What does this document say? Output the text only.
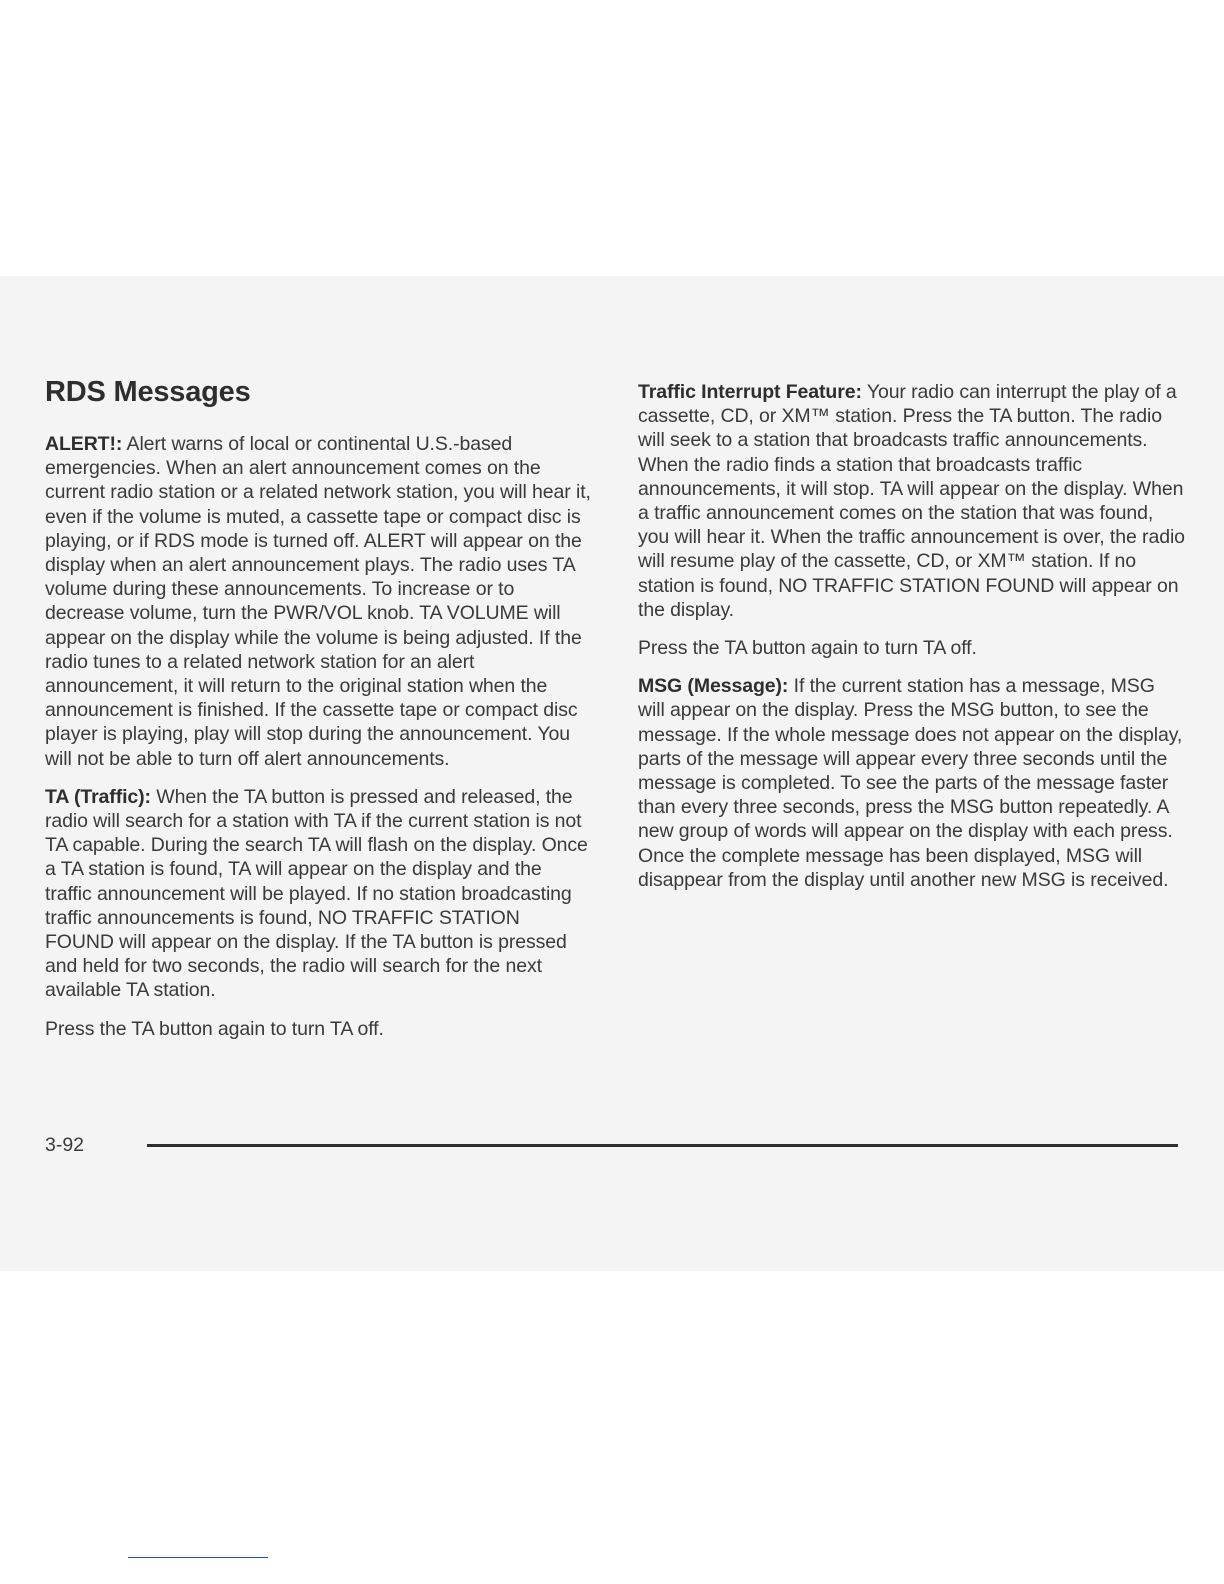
RDS Messages

ALERT!: Alert warns of local or continental U.S.-based emergencies. When an alert announcement comes on the current radio station or a related network station, you will hear it, even if the volume is muted, a cassette tape or compact disc is playing, or if RDS mode is turned off. ALERT will appear on the display when an alert announcement plays. The radio uses TA volume during these announcements. To increase or to decrease volume, turn the PWR/VOL knob. TA VOLUME will appear on the display while the volume is being adjusted. If the radio tunes to a related network station for an alert announcement, it will return to the original station when the announcement is finished. If the cassette tape or compact disc player is playing, play will stop during the announcement. You will not be able to turn off alert announcements.

TA (Traffic): When the TA button is pressed and released, the radio will search for a station with TA if the current station is not TA capable. During the search TA will flash on the display. Once a TA station is found, TA will appear on the display and the traffic announcement will be played. If no station broadcasting traffic announcements is found, NO TRAFFIC STATION FOUND will appear on the display. If the TA button is pressed and held for two seconds, the radio will search for the next available TA station.

Press the TA button again to turn TA off.

Traffic Interrupt Feature: Your radio can interrupt the play of a cassette, CD, or XM™ station. Press the TA button. The radio will seek to a station that broadcasts traffic announcements. When the radio finds a station that broadcasts traffic announcements, it will stop. TA will appear on the display. When a traffic announcement comes on the station that was found, you will hear it. When the traffic announcement is over, the radio will resume play of the cassette, CD, or XM™ station. If no station is found, NO TRAFFIC STATION FOUND will appear on the display.

Press the TA button again to turn TA off.

MSG (Message): If the current station has a message, MSG will appear on the display. Press the MSG button, to see the message. If the whole message does not appear on the display, parts of the message will appear every three seconds until the message is completed. To see the parts of the message faster than every three seconds, press the MSG button repeatedly. A new group of words will appear on the display with each press. Once the complete message has been displayed, MSG will disappear from the display until another new MSG is received.

3-92
